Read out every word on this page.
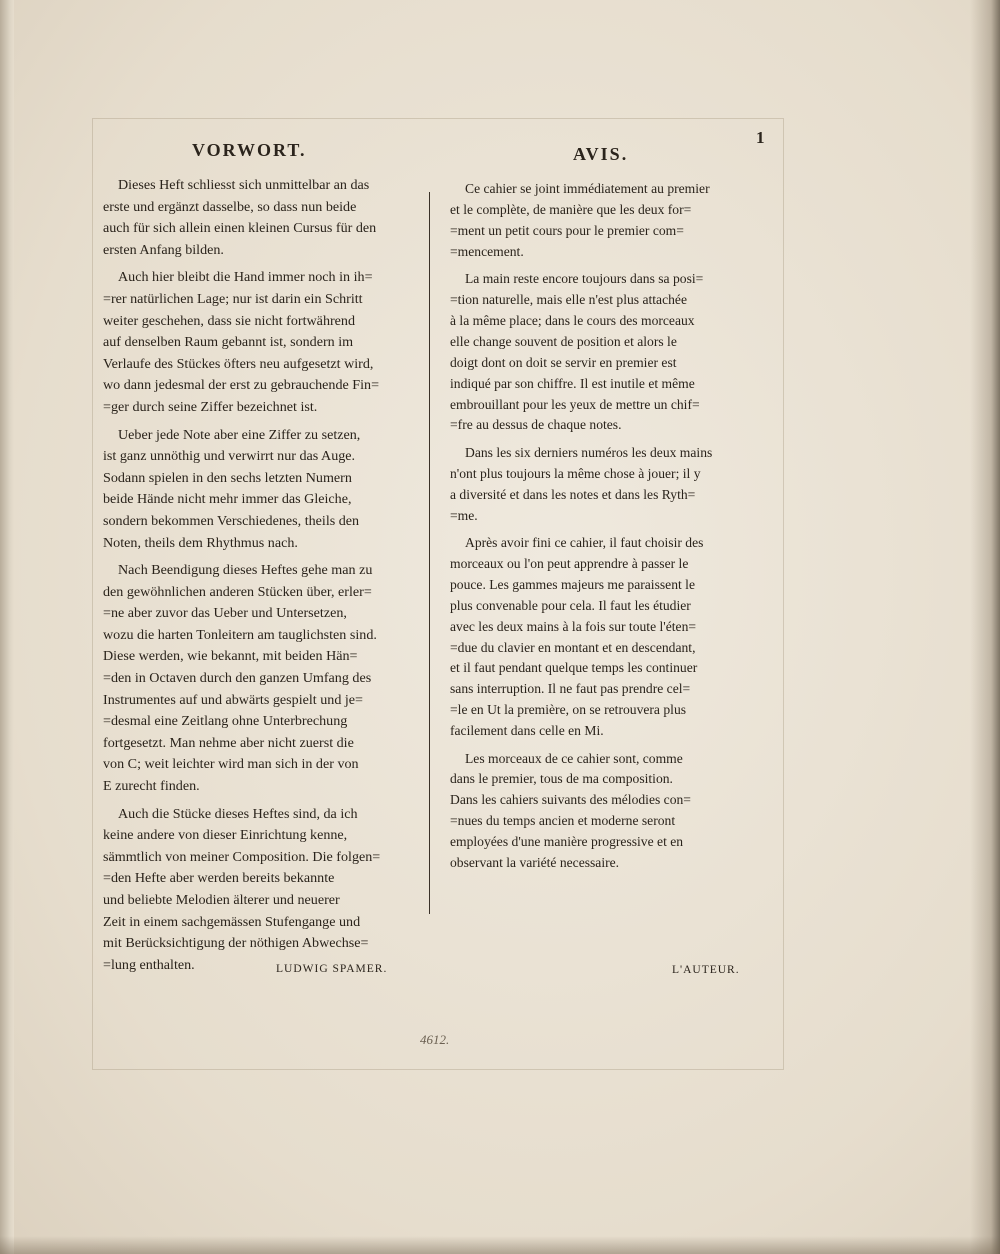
1
VORWORT.	AVIS.

Dieses Heft schliesst sich unmittelbar an das
erste und ergänzt dasselbe, so dass nun beide
auch für sich allein einen kleinen Cursus für den
ersten Anfang bilden.

Auch hier bleibt die Hand immer noch in ih=
=rer natürlichen Lage; nur ist darin ein Schritt
weiter geschehen, dass sie nicht fortwährend
auf denselben Raum gebannt ist, sondern im
Verlaufe des Stückes öfters neu aufgesetzt wird,
wo dann jedesmal der erst zu gebrauchende Fin=
=ger durch seine Ziffer bezeichnet ist.

Ueber jede Note aber eine Ziffer zu setzen,
ist ganz unnöthig und verwirrt nur das Auge.
Sodann spielen in den sechs letzten Numern
beide Hände nicht mehr immer das Gleiche,
sondern bekommen Verschiedenes, theils den
Noten, theils dem Rhythmus nach.

Nach Beendigung dieses Heftes gehe man zu
den gewöhnlichen anderen Stücken über, erler=
=ne aber zuvor das Ueber und Untersetzen,
wozu die harten Tonleitern am tauglichsten sind.
Diese werden, wie bekannt, mit beiden Hän=
=den in Octaven durch den ganzen Umfang des
Instrumentes auf und abwärts gespielt und je=
=desmal eine Zeitlang ohne Unterbrechung
fortgesetzt. Man nehme aber nicht zuerst die
von C; weit leichter wird man sich in der von
E zurecht finden.

Auch die Stücke dieses Heftes sind, da ich
keine andere von dieser Einrichtung kenne,
sämmtlich von meiner Composition. Die folgen=
=den Hefte aber werden bereits bekannte
und beliebte Melodien älterer und neuerer
Zeit in einem sachgemässen Stufengange und
mit Berücksichtigung der nöthigen Abwechse=
=lung enthalten.

Ce cahier se joint immédiatement au premier
et le complète, de manière que les deux for=
=ment un petit cours pour le premier com=
=mencement.

La main reste encore toujours dans sa posi=
=tion naturelle, mais elle n'est plus attachée
à la même place; dans le cours des morceaux
elle change souvent de position et alors le
doigt dont on doit se servir en premier est
indiqué par son chiffre. Il est inutile et même
embrouillant pour les yeux de mettre un chif=
=fre au dessus de chaque notes.

Dans les six derniers numéros les deux mains
n'ont plus toujours la même chose à jouer; il y
a diversité et dans les notes et dans les Ryth=
=me.

Après avoir fini ce cahier, il faut choisir des
morceaux ou l'on peut apprendre à passer le
pouce. Les gammes majeurs me paraissent le
plus convenable pour cela. Il faut les étudier
avec les deux mains à la fois sur toute l'éten=
=due du clavier en montant et en descendant,
et il faut pendant quelque temps les continuer
sans interruption. Il ne faut pas prendre cel=
=le en Ut la première, on se retrouvera plus
facilement dans celle en Mi.

Les morceaux de ce cahier sont, comme
dans le premier, tous de ma composition.
Dans les cahiers suivants des mélodies con=
=nues du temps ancien et moderne seront
employées d'une manière progressive et en
observant la variété necessaire.

LUDWIG SPAMER.	L'AUTEUR.

4612.
